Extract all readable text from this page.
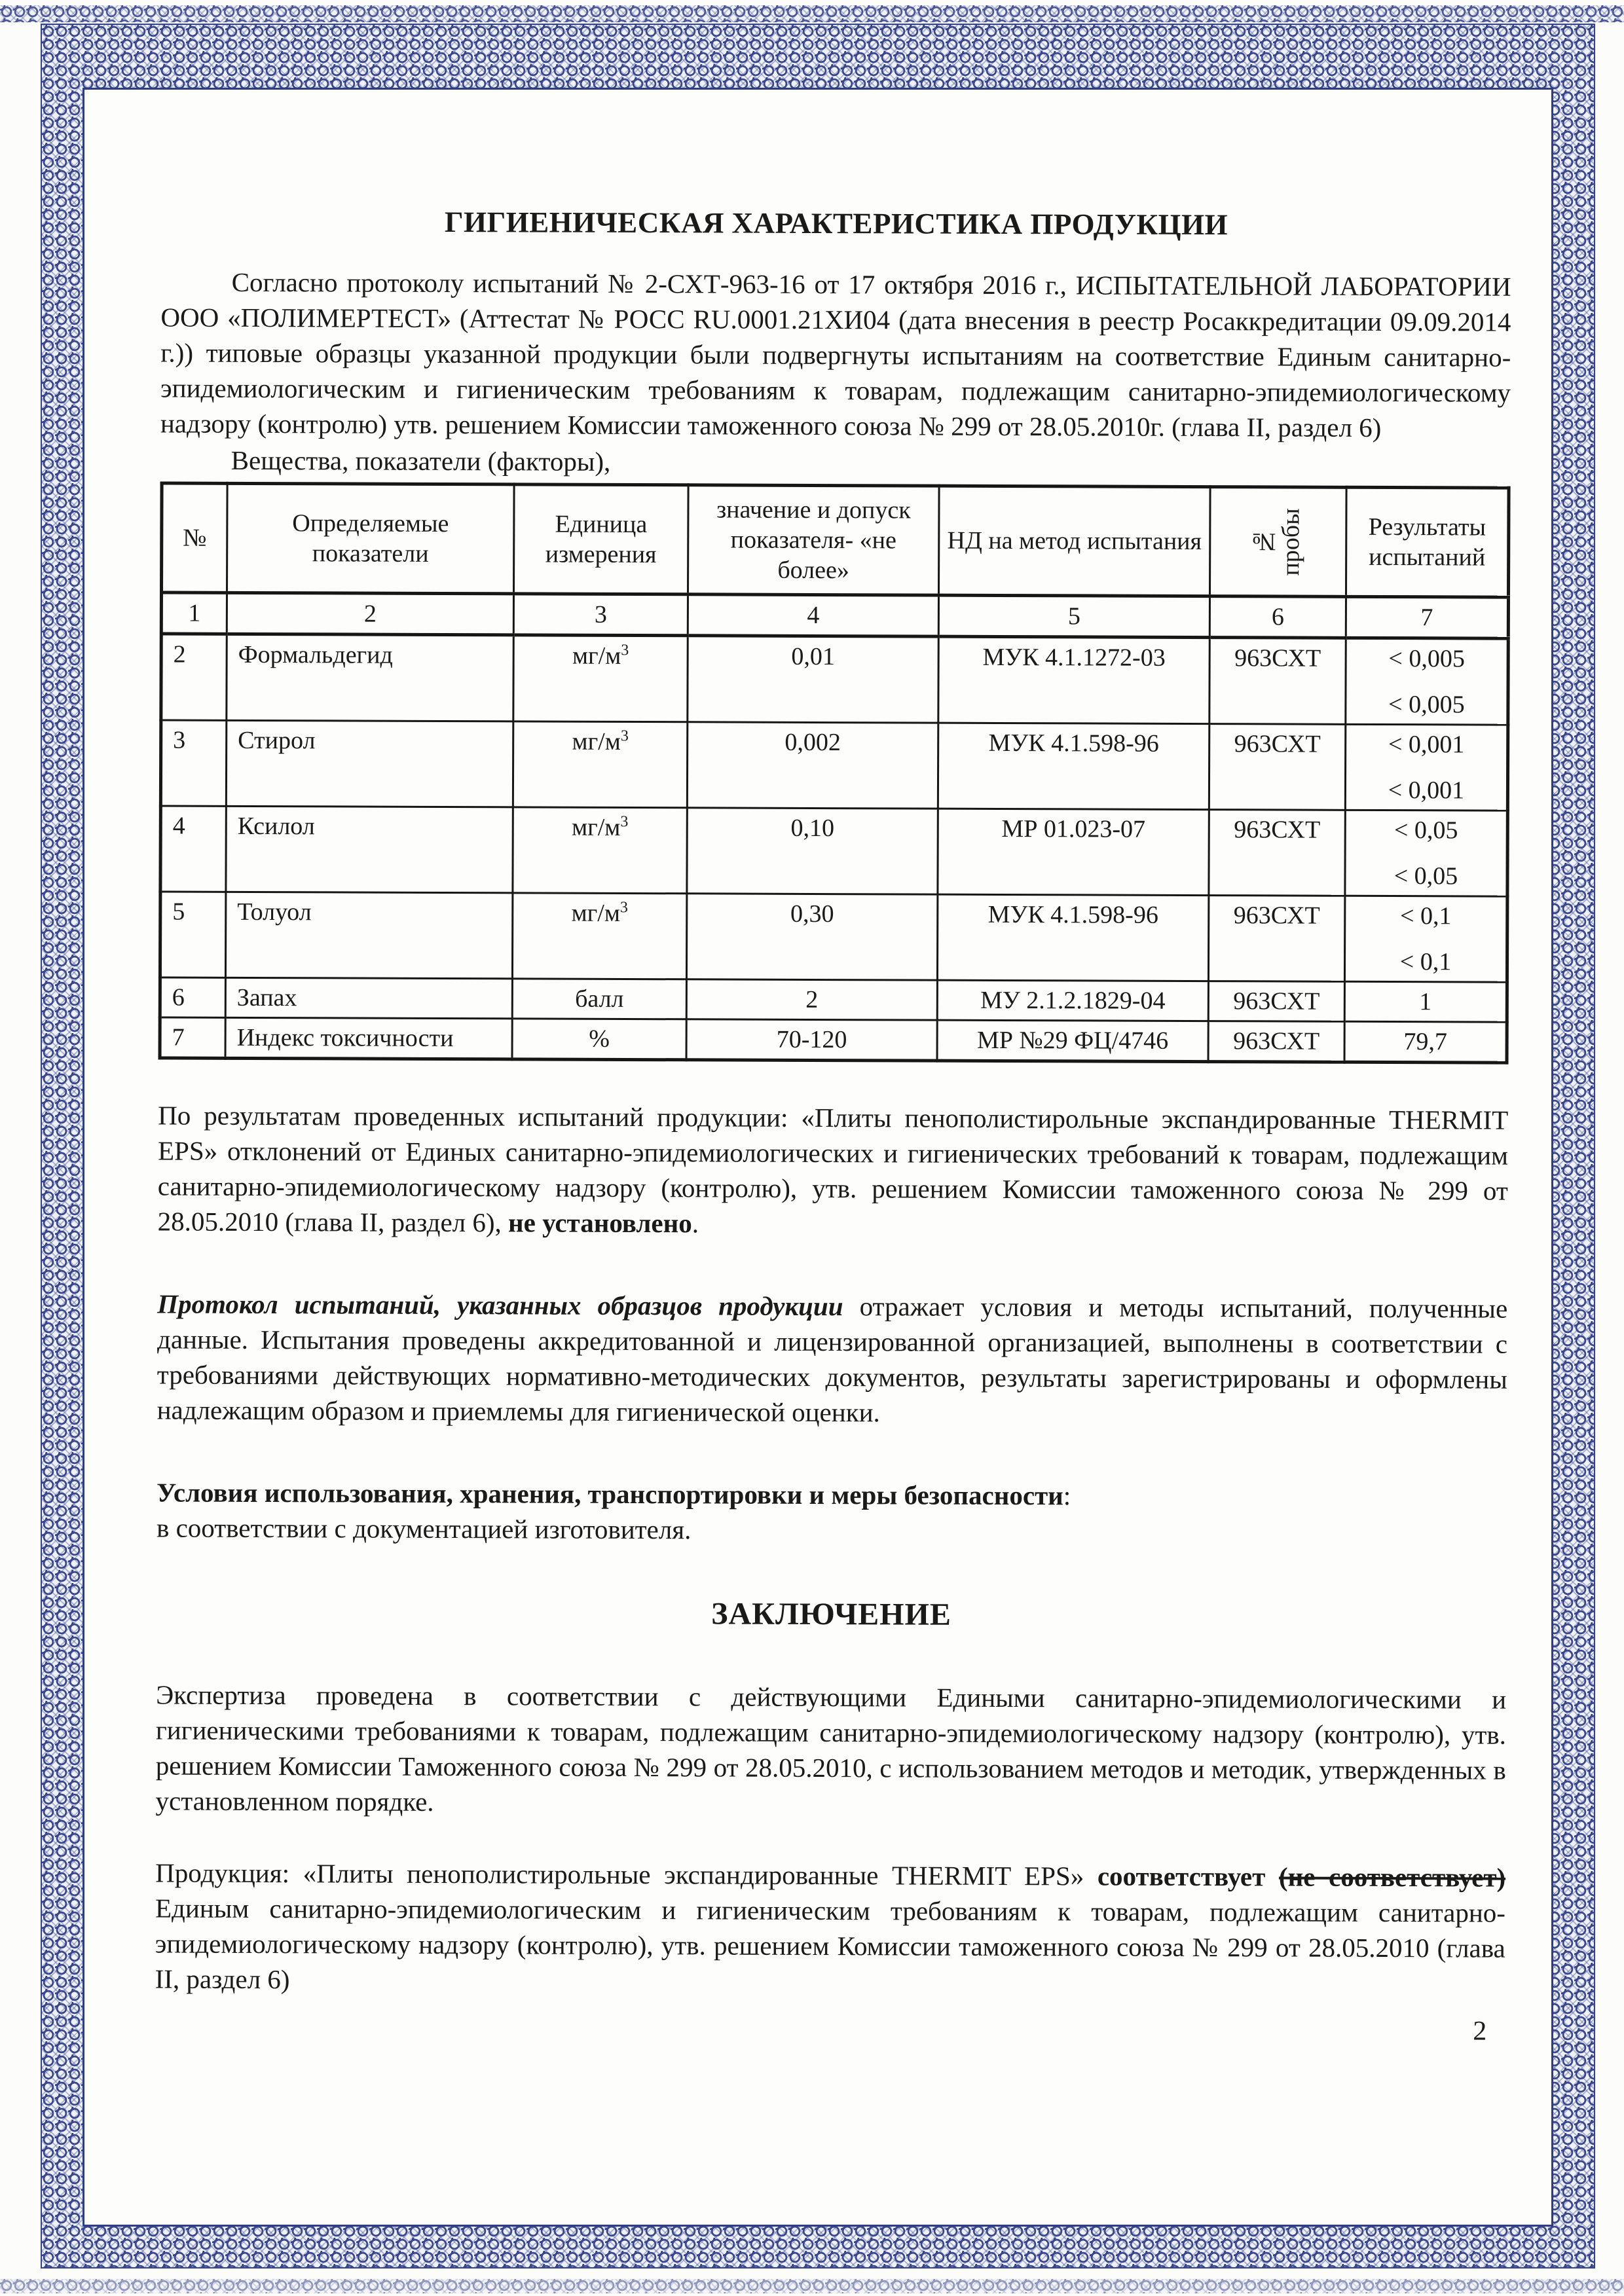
ГИГИЕНИЧЕСКАЯ ХАРАКТЕРИСТИКА ПРОДУКЦИИ

Согласно протоколу испытаний № 2-СХТ-963-16 от 17 октября 2016 г., ИСПЫТАТЕЛЬНОЙ ЛАБОРАТОРИИ ООО «ПОЛИМЕРТЕСТ» (Аттестат № РОСС RU.0001.21ХИ04 (дата внесения в реестр Росаккредитации 09.09.2014 г.)) типовые образцы указанной продукции были подвергнуты испытаниям на соответствие Единым санитарно-эпидемиологическим и гигиеническим требованиям к товарам, подлежащим санитарно-эпидемиологическому надзору (контролю) утв. решением Комиссии таможенного союза № 299 от 28.05.2010г. (глава II, раздел 6)

Вещества, показатели (факторы),

№	Определяемые показатели	Единица измерения	значение и допуск показателя- «не более»	НД на метод испытания	№ пробы	Результаты испытаний
1	2	3	4	5	6	7
2	Формальдегид	$мг/м^3$	0,01	МУК 4.1.1272-03	963СХТ	< 0,005
< 0,005

3	Стирол	$мг/м^3$	0,002	МУК 4.1.598-96	963СХТ	< 0,001
< 0,001

4	Ксилол	$мг/м^3$	0,10	МР 01.023-07	963СХТ	< 0,05
< 0,05

5	Толуол	$мг/м^3$	0,30	МУК 4.1.598-96	963СХТ	< 0,1
< 0,1

6	Запах	балл	2	МУ 2.1.2.1829-04	963СХТ	1
7	Индекс токсичности	%	70-120	МР №29 ФЦ/4746	963СХТ	79,7

По результатам проведенных испытаний продукции: «Плиты пенополистирольные экспандированные THERMIT EPS» отклонений от Единых санитарно-эпидемиологических и гигиенических требований к товарам, подлежащим санитарно-эпидемиологическому надзору (контролю), утв. решением Комиссии таможенного союза № 299 от 28.05.2010 (глава II, раздел 6), не установлено.

Протокол испытаний, указанных образцов продукции отражает условия и методы испытаний, полученные данные. Испытания проведены аккредитованной и лицензированной организацией, выполнены в соответствии с требованиями действующих нормативно-методических документов, результаты зарегистрированы и оформлены надлежащим образом и приемлемы для гигиенической оценки.

Условия использования, хранения, транспортировки и меры безопасности:
в соответствии с документацией изготовителя.

ЗАКЛЮЧЕНИЕ

Экспертиза проведена в соответствии с действующими Едиными санитарно-эпидемиологическими и гигиеническими требованиями к товарам, подлежащим санитарно-эпидемиологическому надзору (контролю), утв. решением Комиссии Таможенного союза № 299 от 28.05.2010, с использованием методов и методик, утвержденных в установленном порядке.

Продукция: «Плиты пенополистирольные экспандированные THERMIT EPS» соответствует (не соответствует) Единым санитарно-эпидемиологическим и гигиеническим требованиям к товарам, подлежащим санитарно-эпидемиологическому надзору (контролю), утв. решением Комиссии таможенного союза № 299 от 28.05.2010 (глава II, раздел 6)

2
